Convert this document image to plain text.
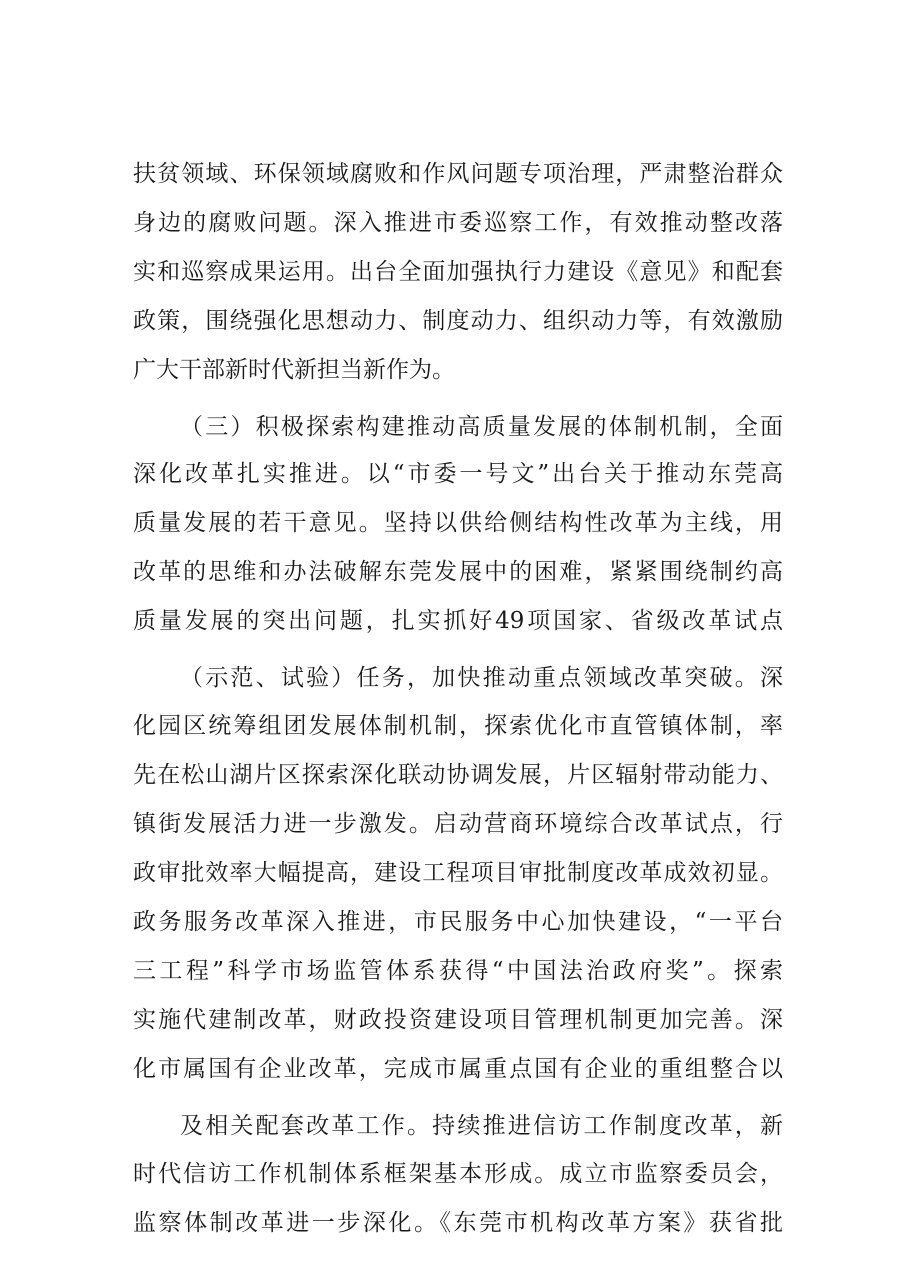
扶贫领域、环保领域腐败和作风问题专项治理，严肃整治群众
身边的腐败问题。深入推进市委巡察工作，有效推动整改落
实和巡察成果运用。出台全面加强执行力建设《意见》和配套
政策，围绕强化思想动力、制度动力、组织动力等，有效激励
广大干部新时代新担当新作为。
（三）积极探索构建推动高质量发展的体制机制，全面
深化改革扎实推进。以“市委一号文”出台关于推动东莞高
质量发展的若干意见。坚持以供给侧结构性改革为主线，用
改革的思维和办法破解东莞发展中的困难，紧紧围绕制约高
质量发展的突出问题，扎实抓好49项国家、省级改革试点
（示范、试验）任务，加快推动重点领域改革突破。深
化园区统筹组团发展体制机制，探索优化市直管镇体制，率
先在松山湖片区探索深化联动协调发展，片区辐射带动能力、
镇街发展活力进一步激发。启动营商环境综合改革试点，行
政审批效率大幅提高，建设工程项目审批制度改革成效初显。
政务服务改革深入推进，市民服务中心加快建设，“一平台
三工程”科学市场监管体系获得“中国法治政府奖”。探索
实施代建制改革，财政投资建设项目管理机制更加完善。深
化市属国有企业改革，完成市属重点国有企业的重组整合以
及相关配套改革工作。持续推进信访工作制度改革，新
时代信访工作机制体系框架基本形成。成立市监察委员会，
监察体制改革进一步深化。《东莞市机构改革方案》获省批
